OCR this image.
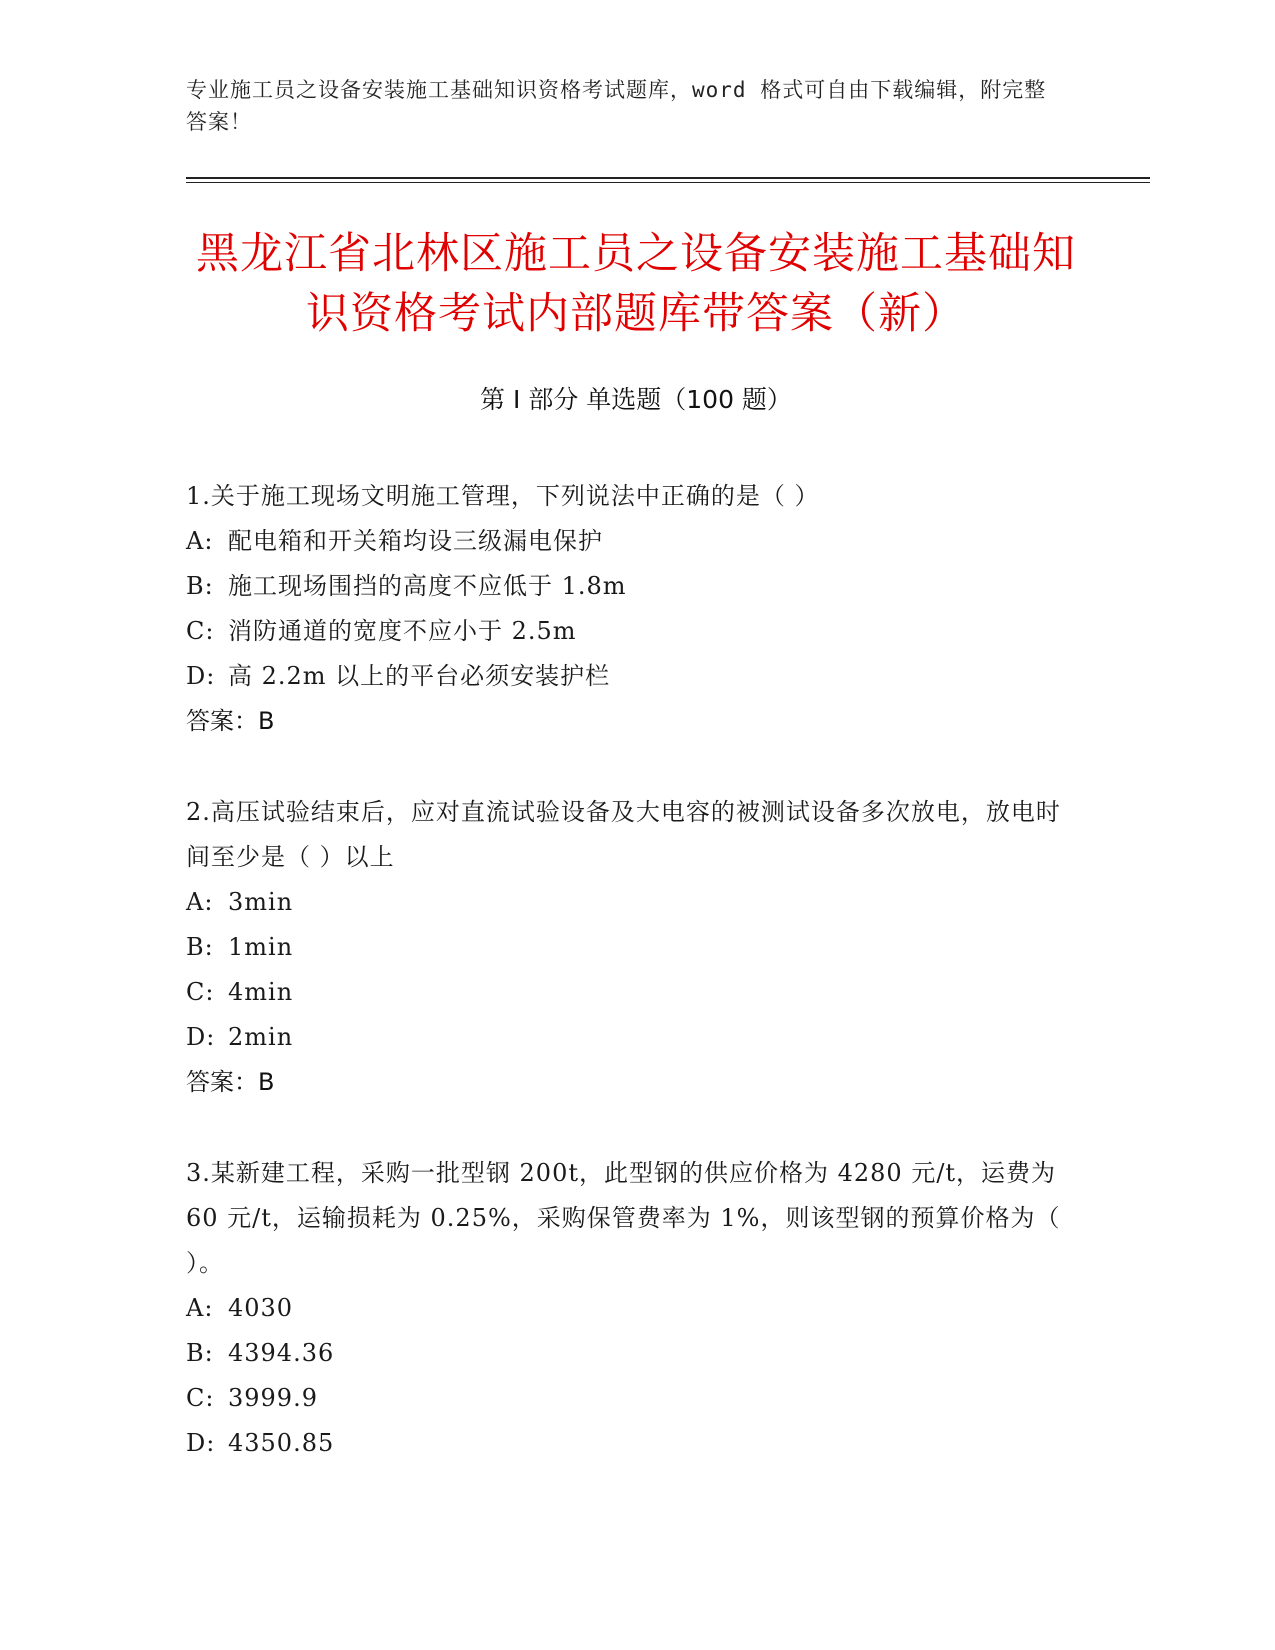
专业施工员之设备安装施工基础知识资格考试题库，word 格式可自由下载编辑，附完整答案！
黑龙江省北林区施工员之设备安装施工基础知识资格考试内部题库带答案（新）
第 I 部分 单选题（100 题）

1.关于施工现场文明施工管理，下列说法中正确的是（ ）

A: 配电箱和开关箱均设三级漏电保护
B: 施工现场围挡的高度不应低于 1.8m
C: 消防通道的宽度不应小于 2.5m
D: 高 2.2m 以上的平台必须安装护栏

答案：B

2.高压试验结束后，应对直流试验设备及大电容的被测试设备多次放电，放电时间至少是（ ）以上

A: 3min
B: 1min
C: 4min
D: 2min

答案：B

3.某新建工程，采购一批型钢 200t，此型钢的供应价格为 4280 元/t，运费为 60 元/t，运输损耗为 0.25%，采购保管费率为 1%，则该型钢的预算价格为（ ）。

A: 4030
B: 4394.36
C: 3999.9
D: 4350.85
